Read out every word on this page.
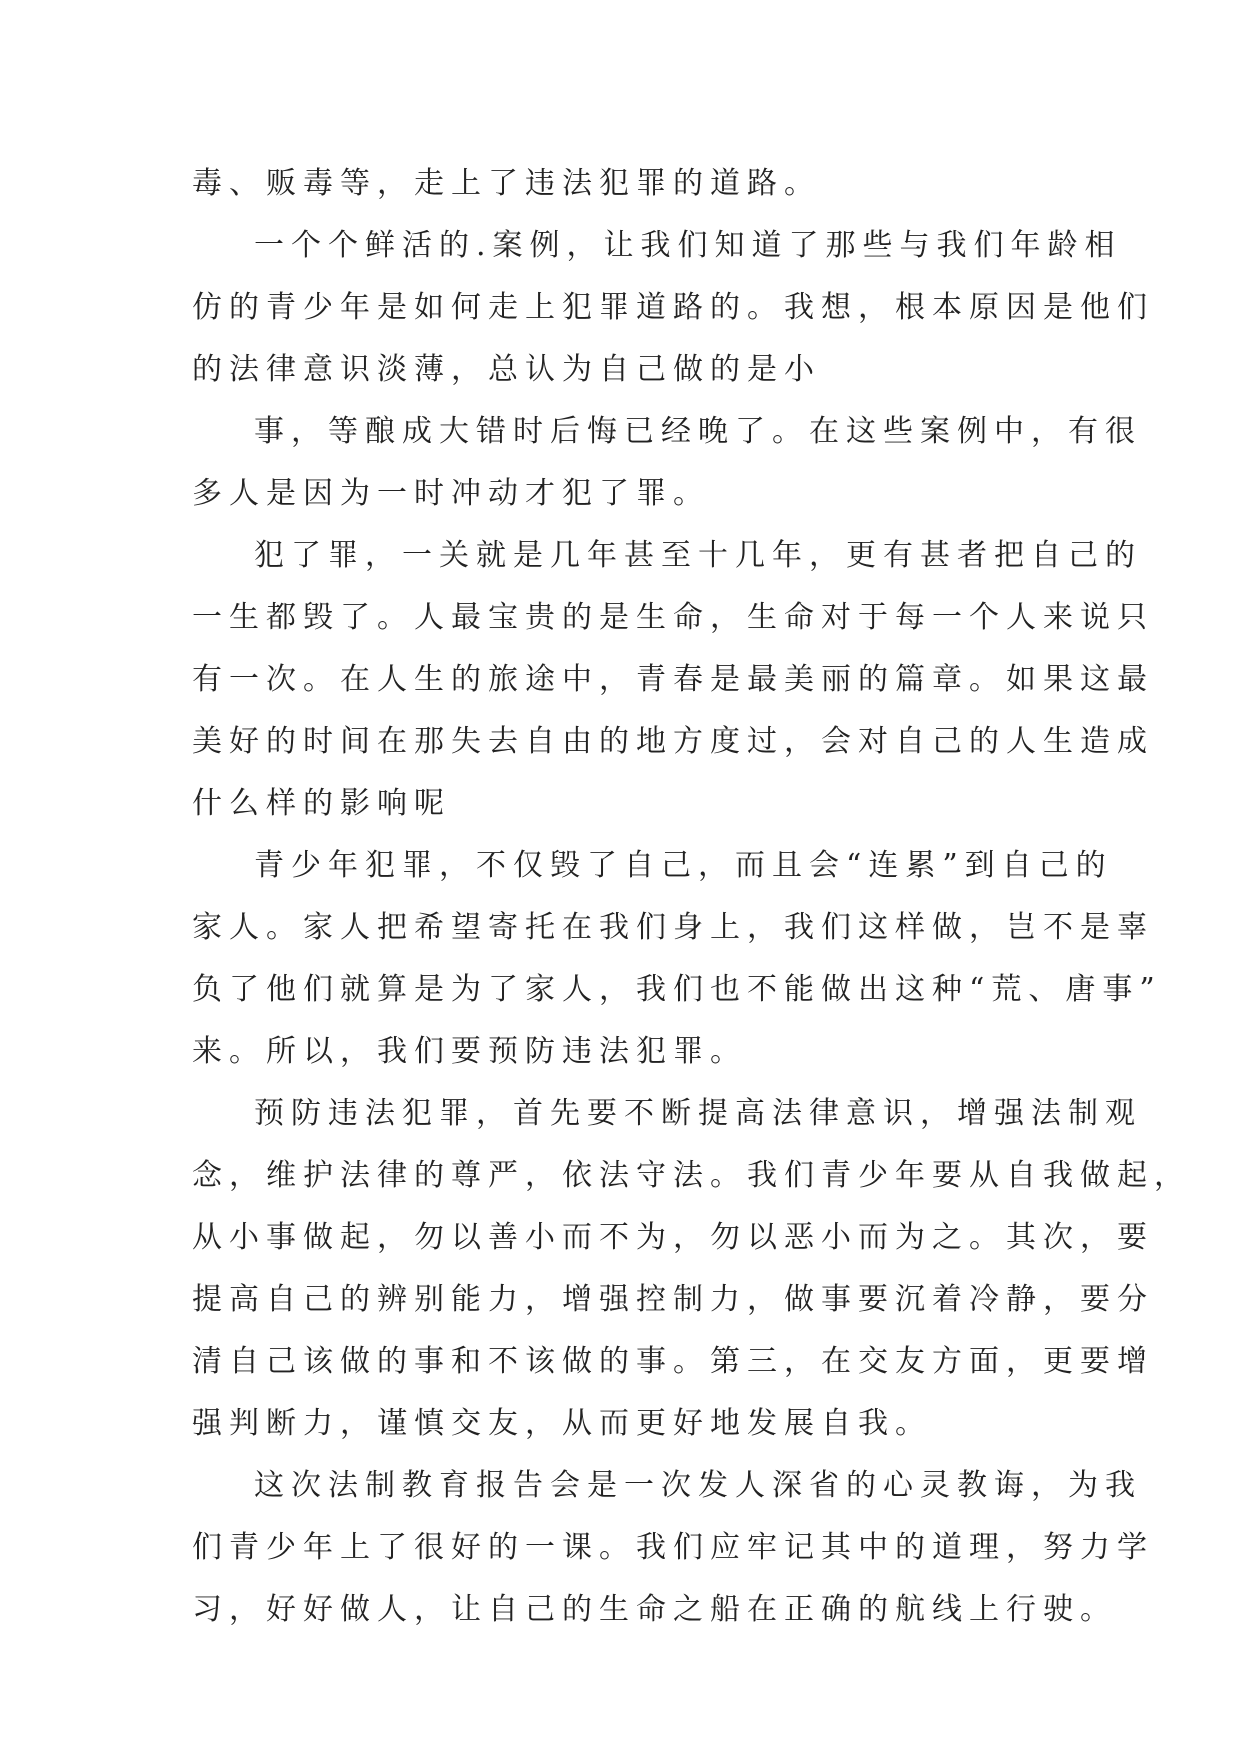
毒、贩毒等，走上了违法犯罪的道路。
一个个鲜活的.案例，让我们知道了那些与我们年龄相
仿的青少年是如何走上犯罪道路的。我想，根本原因是他们
的法律意识淡薄，总认为自己做的是小
事，等酿成大错时后悔已经晚了。在这些案例中，有很
多人是因为一时冲动才犯了罪。
犯了罪，一关就是几年甚至十几年，更有甚者把自己的
一生都毁了。人最宝贵的是生命，生命对于每一个人来说只
有一次。在人生的旅途中，青春是最美丽的篇章。如果这最
美好的时间在那失去自由的地方度过，会对自己的人生造成
什么样的影响呢
青少年犯罪，不仅毁了自己，而且会“连累”到自己的
家人。家人把希望寄托在我们身上，我们这样做，岂不是辜
负了他们就算是为了家人，我们也不能做出这种“荒、唐事”
来。所以，我们要预防违法犯罪。
预防违法犯罪，首先要不断提高法律意识，增强法制观
念，维护法律的尊严，依法守法。我们青少年要从自我做起，
从小事做起，勿以善小而不为，勿以恶小而为之。其次，要
提高自己的辨别能力，增强控制力，做事要沉着冷静，要分
清自己该做的事和不该做的事。第三，在交友方面，更要增
强判断力，谨慎交友，从而更好地发展自我。
这次法制教育报告会是一次发人深省的心灵教诲，为我
们青少年上了很好的一课。我们应牢记其中的道理，努力学
习，好好做人，让自己的生命之船在正确的航线上行驶。
